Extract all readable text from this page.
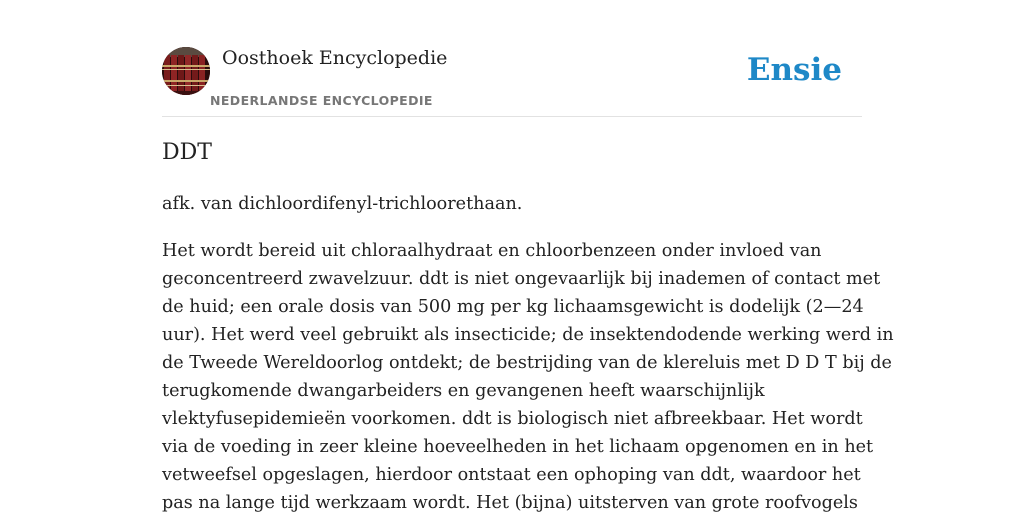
Oosthoek Encyclopedie
NEDERLANDSE ENCYCLOPEDIE
Ensie
DDT

afk. van dichloordifenyl-trichloorethaan.

Het wordt bereid uit chloraalhydraat en chloorbenzeen onder invloed van
geconcentreerd zwavelzuur. ddt is niet ongevaarlijk bij inademen of contact met
de huid; een orale dosis van 500 mg per kg lichaamsgewicht is dodelijk (2—24
uur). Het werd veel gebruikt als insecticide; de insektendodende werking werd in
de Tweede Wereldoorlog ontdekt; de bestrijding van de klereluis met D D T bij de
terugkomende dwangarbeiders en gevangenen heeft waarschijnlijk
vlektyfusepidemieën voorkomen. ddt is biologisch niet afbreekbaar. Het wordt
via de voeding in zeer kleine hoeveelheden in het lichaam opgenomen en in het
vetweefsel opgeslagen, hierdoor ontstaat een ophoping van ddt, waardoor het
pas na lange tijd werkzaam wordt. Het (bijna) uitsterven van grote roofvogels
